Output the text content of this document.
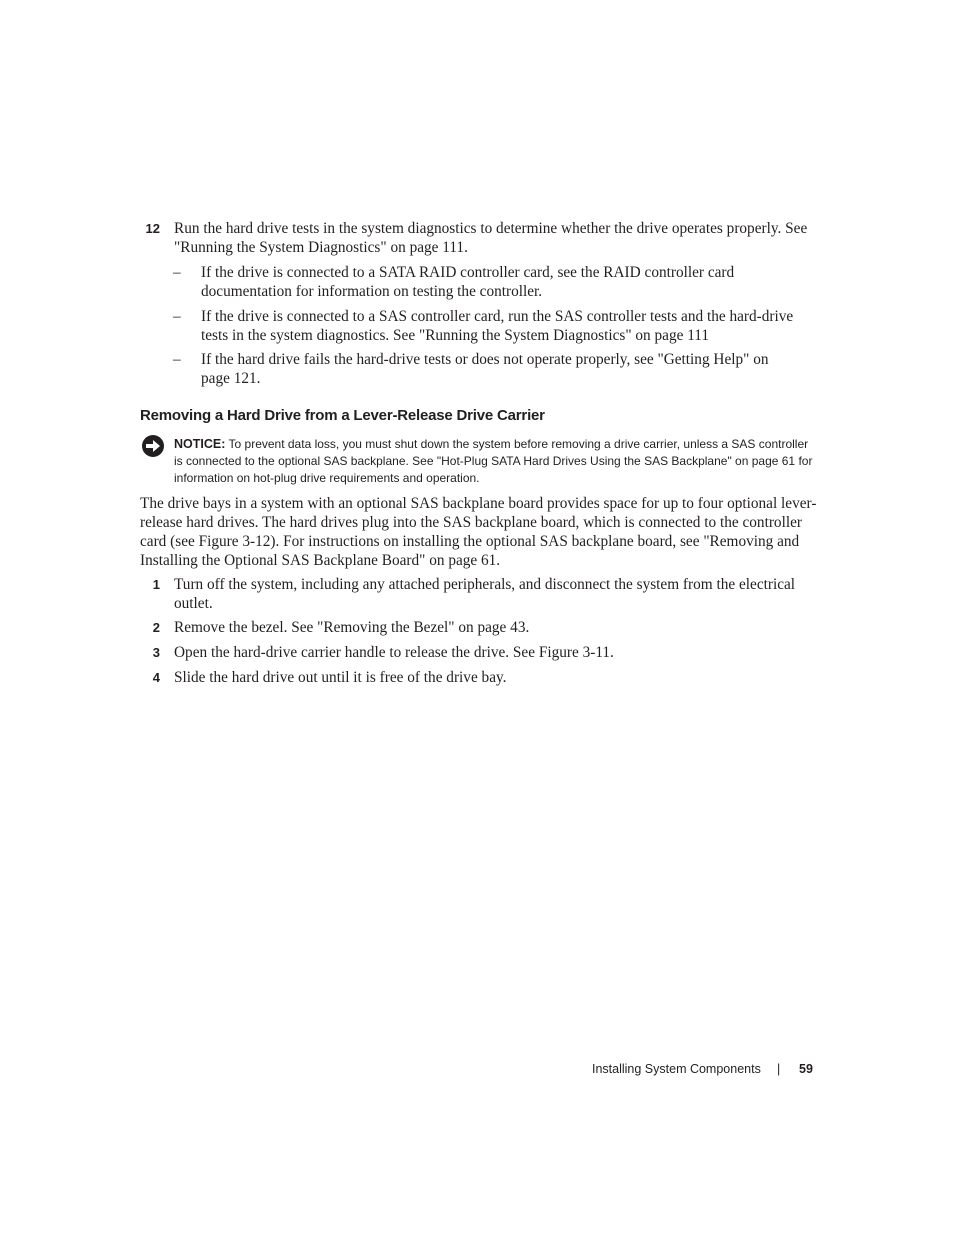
12 Run the hard drive tests in the system diagnostics to determine whether the drive operates properly. See "Running the System Diagnostics" on page 111.
– If the drive is connected to a SATA RAID controller card, see the RAID controller card documentation for information on testing the controller.
– If the drive is connected to a SAS controller card, run the SAS controller tests and the hard-drive tests in the system diagnostics. See "Running the System Diagnostics" on page 111
– If the hard drive fails the hard-drive tests or does not operate properly, see "Getting Help" on page 121.
Removing a Hard Drive from a Lever-Release Drive Carrier
NOTICE: To prevent data loss, you must shut down the system before removing a drive carrier, unless a SAS controller is connected to the optional SAS backplane. See "Hot-Plug SATA Hard Drives Using the SAS Backplane" on page 61 for information on hot-plug drive requirements and operation.
The drive bays in a system with an optional SAS backplane board provides space for up to four optional lever-release hard drives. The hard drives plug into the SAS backplane board, which is connected to the controller card (see Figure 3-12). For instructions on installing the optional SAS backplane board, see "Removing and Installing the Optional SAS Backplane Board" on page 61.
1 Turn off the system, including any attached peripherals, and disconnect the system from the electrical outlet.
2 Remove the bezel. See "Removing the Bezel" on page 43.
3 Open the hard-drive carrier handle to release the drive. See Figure 3-11.
4 Slide the hard drive out until it is free of the drive bay.
Installing System Components | 59
